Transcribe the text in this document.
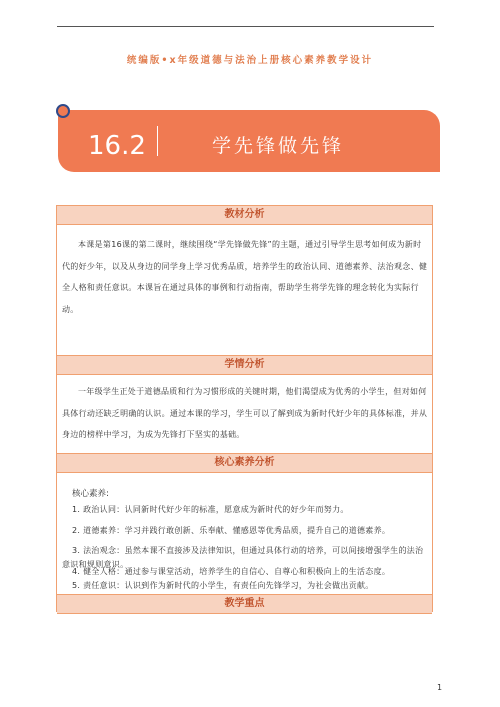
统编版•x年级道德与法治上册核心素养教学设计
16.2	学先锋做先锋
教材分析
本课是第16课的第二课时，继续围绕“学先锋做先锋”的主题，通过引导学生思考如何成为新时代的好少年，以及从身边的同学身上学习优秀品质，培养学生的政治认同、道德素养、法治观念、健全人格和责任意识。本课旨在通过具体的事例和行动指南，帮助学生将学先锋的理念转化为实际行动。
学情分析
一年级学生正处于道德品质和行为习惯形成的关键时期，他们渴望成为优秀的小学生，但对如何具体行动还缺乏明确的认识。通过本课的学习，学生可以了解到成为新时代好少年的具体标准，并从身边的榜样中学习，为成为先锋打下坚实的基础。
核心素养分析
核心素养:
1. 政治认同：认同新时代好少年的标准，愿意成为新时代的好少年而努力。
2. 道德素养：学习并践行敢创新、乐奉献、懂感恩等优秀品质，提升自己的道德素养。
3. 法治观念：虽然本课不直接涉及法律知识，但通过具体行动的培养，可以间接增强学生的法治意识和规则意识。
4. 健全人格：通过参与课堂活动，培养学生的自信心、自尊心和积极向上的生活态度。
5. 责任意识：认识到作为新时代的小学生，有责任向先锋学习，为社会做出贡献。
教学重点
1
